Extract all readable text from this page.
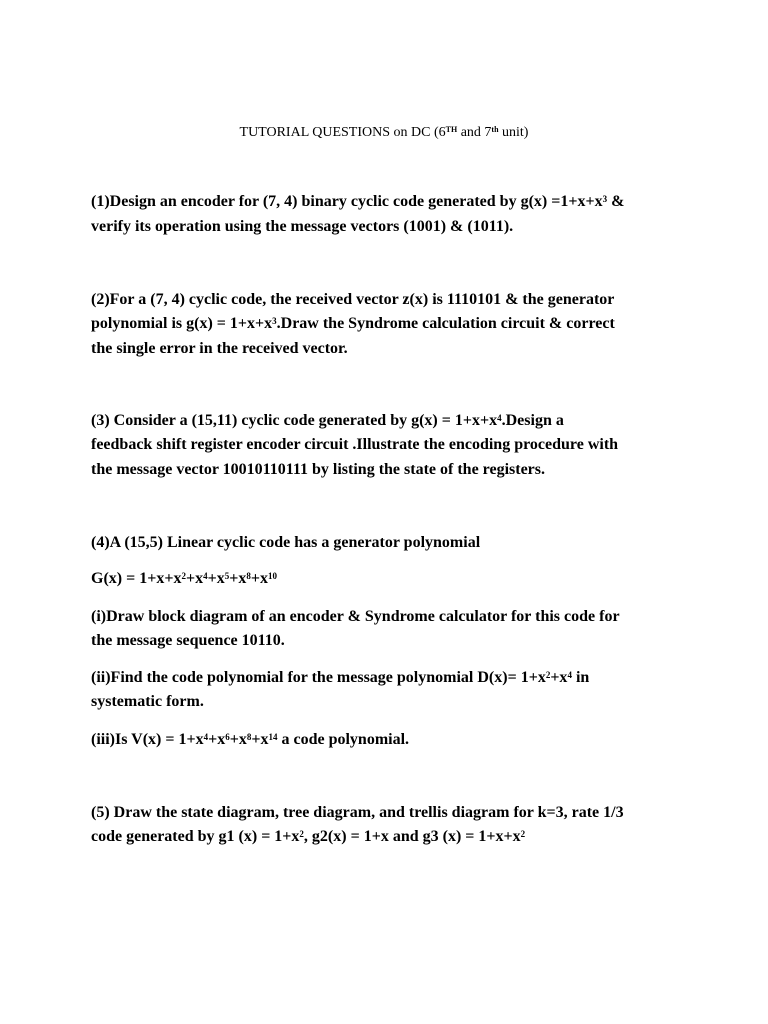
TUTORIAL QUESTIONS on DC (6TH and 7th unit)
(1)Design an encoder for (7, 4) binary cyclic code generated by $g(x) =1+x+x^3$ &
verify its operation using the message vectors (1001) & (1011).
(2)For a (7, 4) cyclic code, the received vector z(x) is 1110101 & the generator
polynomial is $g(x) = 1+x+x^3.Draw$ the Syndrome calculation circuit & correct
the single error in the received vector.
(3) Consider a (15,11) cyclic code generated by $g(x) = 1+x+x^4.Design$ a
feedback shift register encoder circuit .Illustrate the encoding procedure with
the message vector 10010110111 by listing the state of the registers.
(4)A (15,5) Linear cyclic code has a generator polynomial
$G(x) = 1+x+x^2+x^4+x^5+x^8+x^{10}$
(i)Draw block diagram of an encoder & Syndrome calculator for this code for
the message sequence 10110.
(ii)Find the code polynomial for the message polynomial $D(x)= 1+x^2+x^4$ in
systematic form.
(iii)Is $V(x) = 1+x^4+x^6+x^8+x^{14}$ a code polynomial.
(5) Draw the state diagram, tree diagram, and trellis diagram for k=3, rate 1/3
code generated by g1 $(x) = 1+x^2$, g2(x) = 1+x and g3 $(x) = 1+x+x^2$
